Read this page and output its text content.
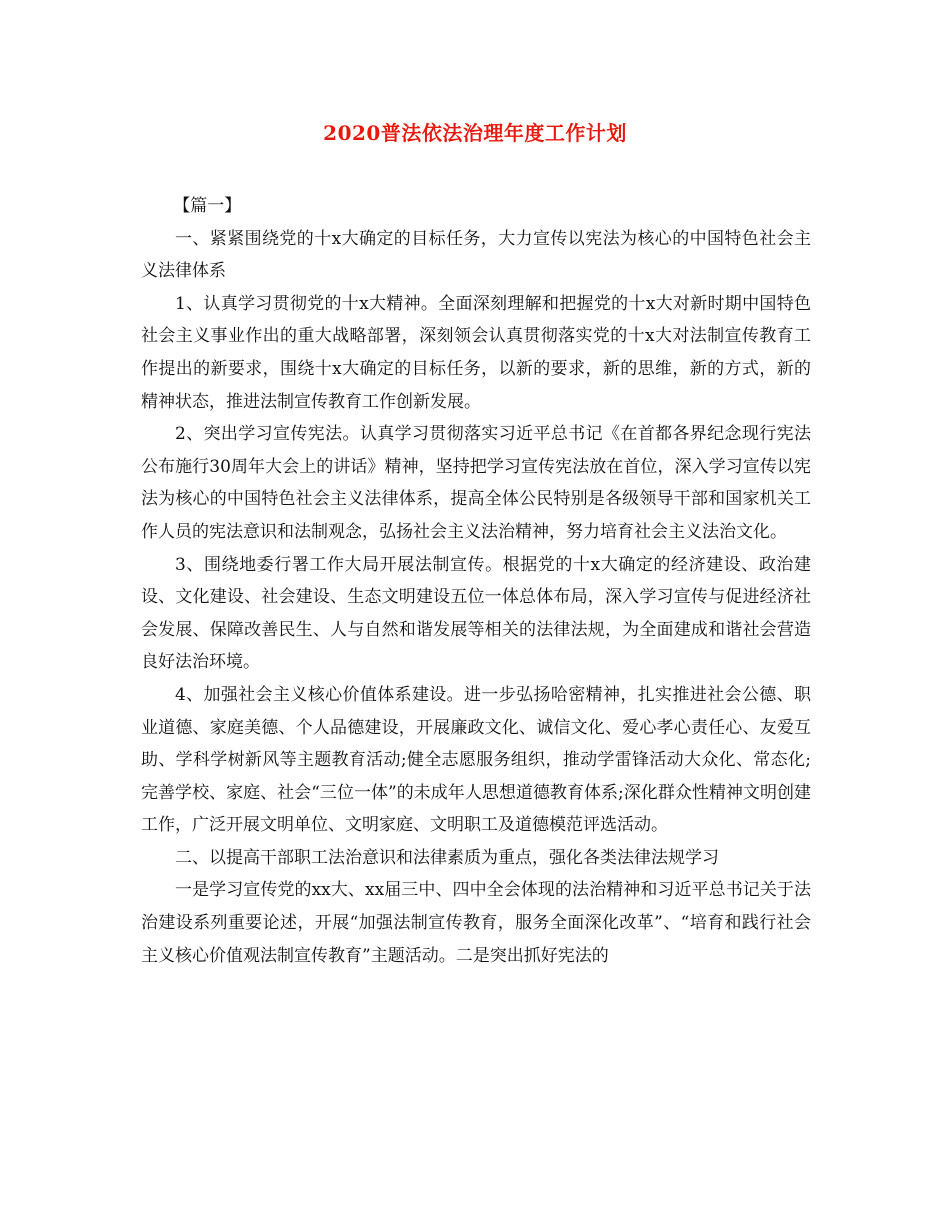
2020普法依法治理年度工作计划

【篇一】

一、紧紧围绕党的十x大确定的目标任务，大力宣传以宪法为核心的中国特色社会主义法律体系

1、认真学习贯彻党的十x大精神。全面深刻理解和把握党的十x大对新时期中国特色社会主义事业作出的重大战略部署，深刻领会认真贯彻落实党的十x大对法制宣传教育工作提出的新要求，围绕十x大确定的目标任务，以新的要求，新的思维，新的方式，新的精神状态，推进法制宣传教育工作创新发展。

2、突出学习宣传宪法。认真学习贯彻落实习近平总书记《在首都各界纪念现行宪法公布施行30周年大会上的讲话》精神，坚持把学习宣传宪法放在首位，深入学习宣传以宪法为核心的中国特色社会主义法律体系，提高全体公民特别是各级领导干部和国家机关工作人员的宪法意识和法制观念，弘扬社会主义法治精神，努力培育社会主义法治文化。

3、围绕地委行署工作大局开展法制宣传。根据党的十x大确定的经济建设、政治建设、文化建设、社会建设、生态文明建设五位一体总体布局，深入学习宣传与促进经济社会发展、保障改善民生、人与自然和谐发展等相关的法律法规，为全面建成和谐社会营造良好法治环境。

4、加强社会主义核心价值体系建设。进一步弘扬哈密精神，扎实推进社会公德、职业道德、家庭美德、个人品德建设，开展廉政文化、诚信文化、爱心孝心责任心、友爱互助、学科学树新风等主题教育活动;健全志愿服务组织，推动学雷锋活动大众化、常态化;完善学校、家庭、社会“三位一体”的未成年人思想道德教育体系;深化群众性精神文明创建工作，广泛开展文明单位、文明家庭、文明职工及道德模范评选活动。

二、以提高干部职工法治意识和法律素质为重点，强化各类法律法规学习

一是学习宣传党的xx大、xx届三中、四中全会体现的法治精神和习近平总书记关于法治建设系列重要论述，开展“加强法制宣传教育，服务全面深化改革”、“培育和践行社会主义核心价值观法制宣传教育”主题活动。二是突出抓好宪法的
